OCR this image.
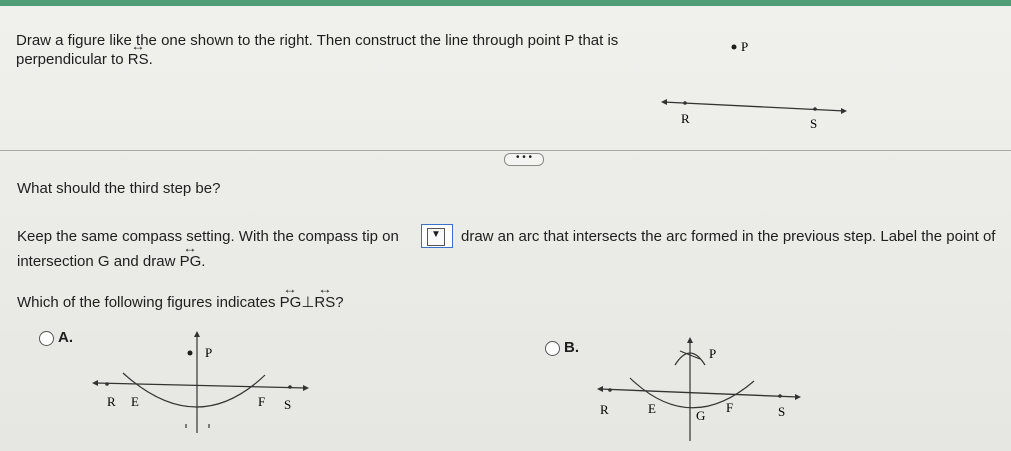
Draw a figure like the one shown to the right. Then construct the line through point P that is
perpendicular to ↔ RS.
P
R	S
• • •
What should the third step be?
Keep the same compass setting. With the compass tip on	▼ draw an arc that intersects the arc formed in the previous step. Label the point of
intersection G and draw ↔ PG.
Which of the following figures indicates ↔ PG⊥↔ RS?
A.
P
R E	F S
B.	P
R	E	G
F	S
